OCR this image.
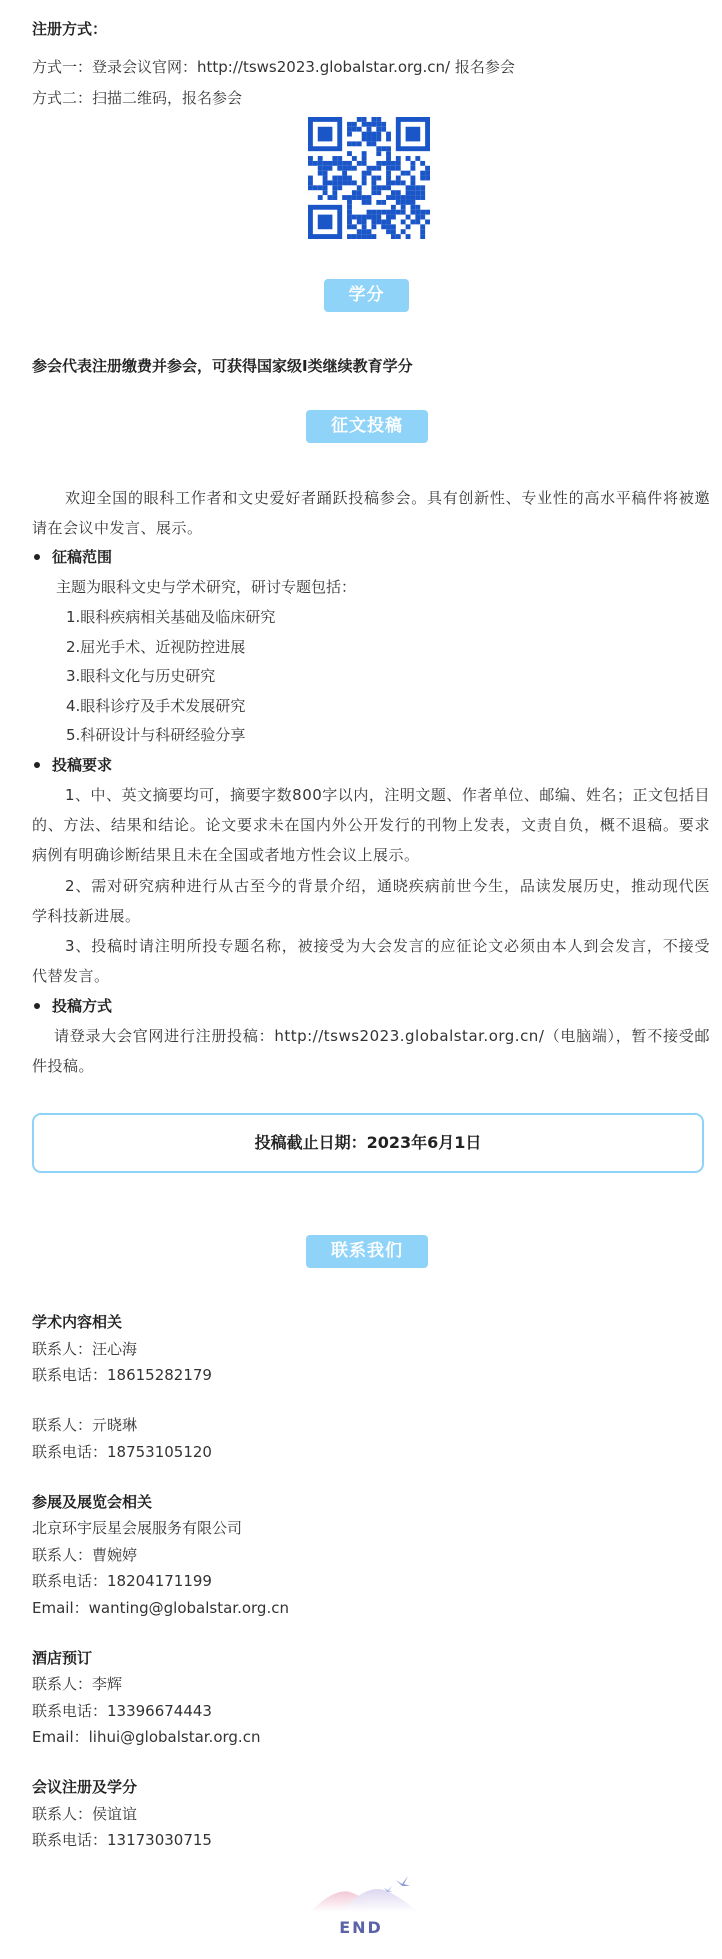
注册方式：
方式一：登录会议官网：http://tsws2023.globalstar.org.cn/ 报名参会
方式二：扫描二维码，报名参会
学分
参会代表注册缴费并参会，可获得国家级I类继续教育学分
征文投稿
欢迎全国的眼科工作者和文史爱好者踊跃投稿参会。具有创新性、专业性的高水平稿件将被邀请在会议中发言、展示。
征稿范围
主题为眼科文史与学术研究，研讨专题包括：
1.眼科疾病相关基础及临床研究
2.屈光手术、近视防控进展
3.眼科文化与历史研究
4.眼科诊疗及手术发展研究
5.科研设计与科研经验分享
投稿要求
1、中、英文摘要均可，摘要字数800字以内，注明文题、作者单位、邮编、姓名；正文包括目的、方法、结果和结论。论文要求未在国内外公开发行的刊物上发表，文责自负，概不退稿。要求病例有明确诊断结果且未在全国或者地方性会议上展示。
2、需对研究病种进行从古至今的背景介绍，通晓疾病前世今生，品读发展历史，推动现代医学科技新进展。
3、投稿时请注明所投专题名称，被接受为大会发言的应征论文必须由本人到会发言，不接受代替发言。
投稿方式
请登录大会官网进行注册投稿：http://tsws2023.globalstar.org.cn/（电脑端），暂不接受邮件投稿。
投稿截止日期：2023年6月1日
联系我们
学术内容相关
联系人：汪心海
联系电话：18615282179
联系人：亓晓琳
联系电话：18753105120
参展及展览会相关
北京环宇辰星会展服务有限公司
联系人：曹婉婷
联系电话：18204171199
Email：wanting@globalstar.org.cn
酒店预订
联系人：李辉
联系电话：13396674443
Email：lihui@globalstar.org.cn
会议注册及学分
联系人：侯谊谊
联系电话：13173030715
END
